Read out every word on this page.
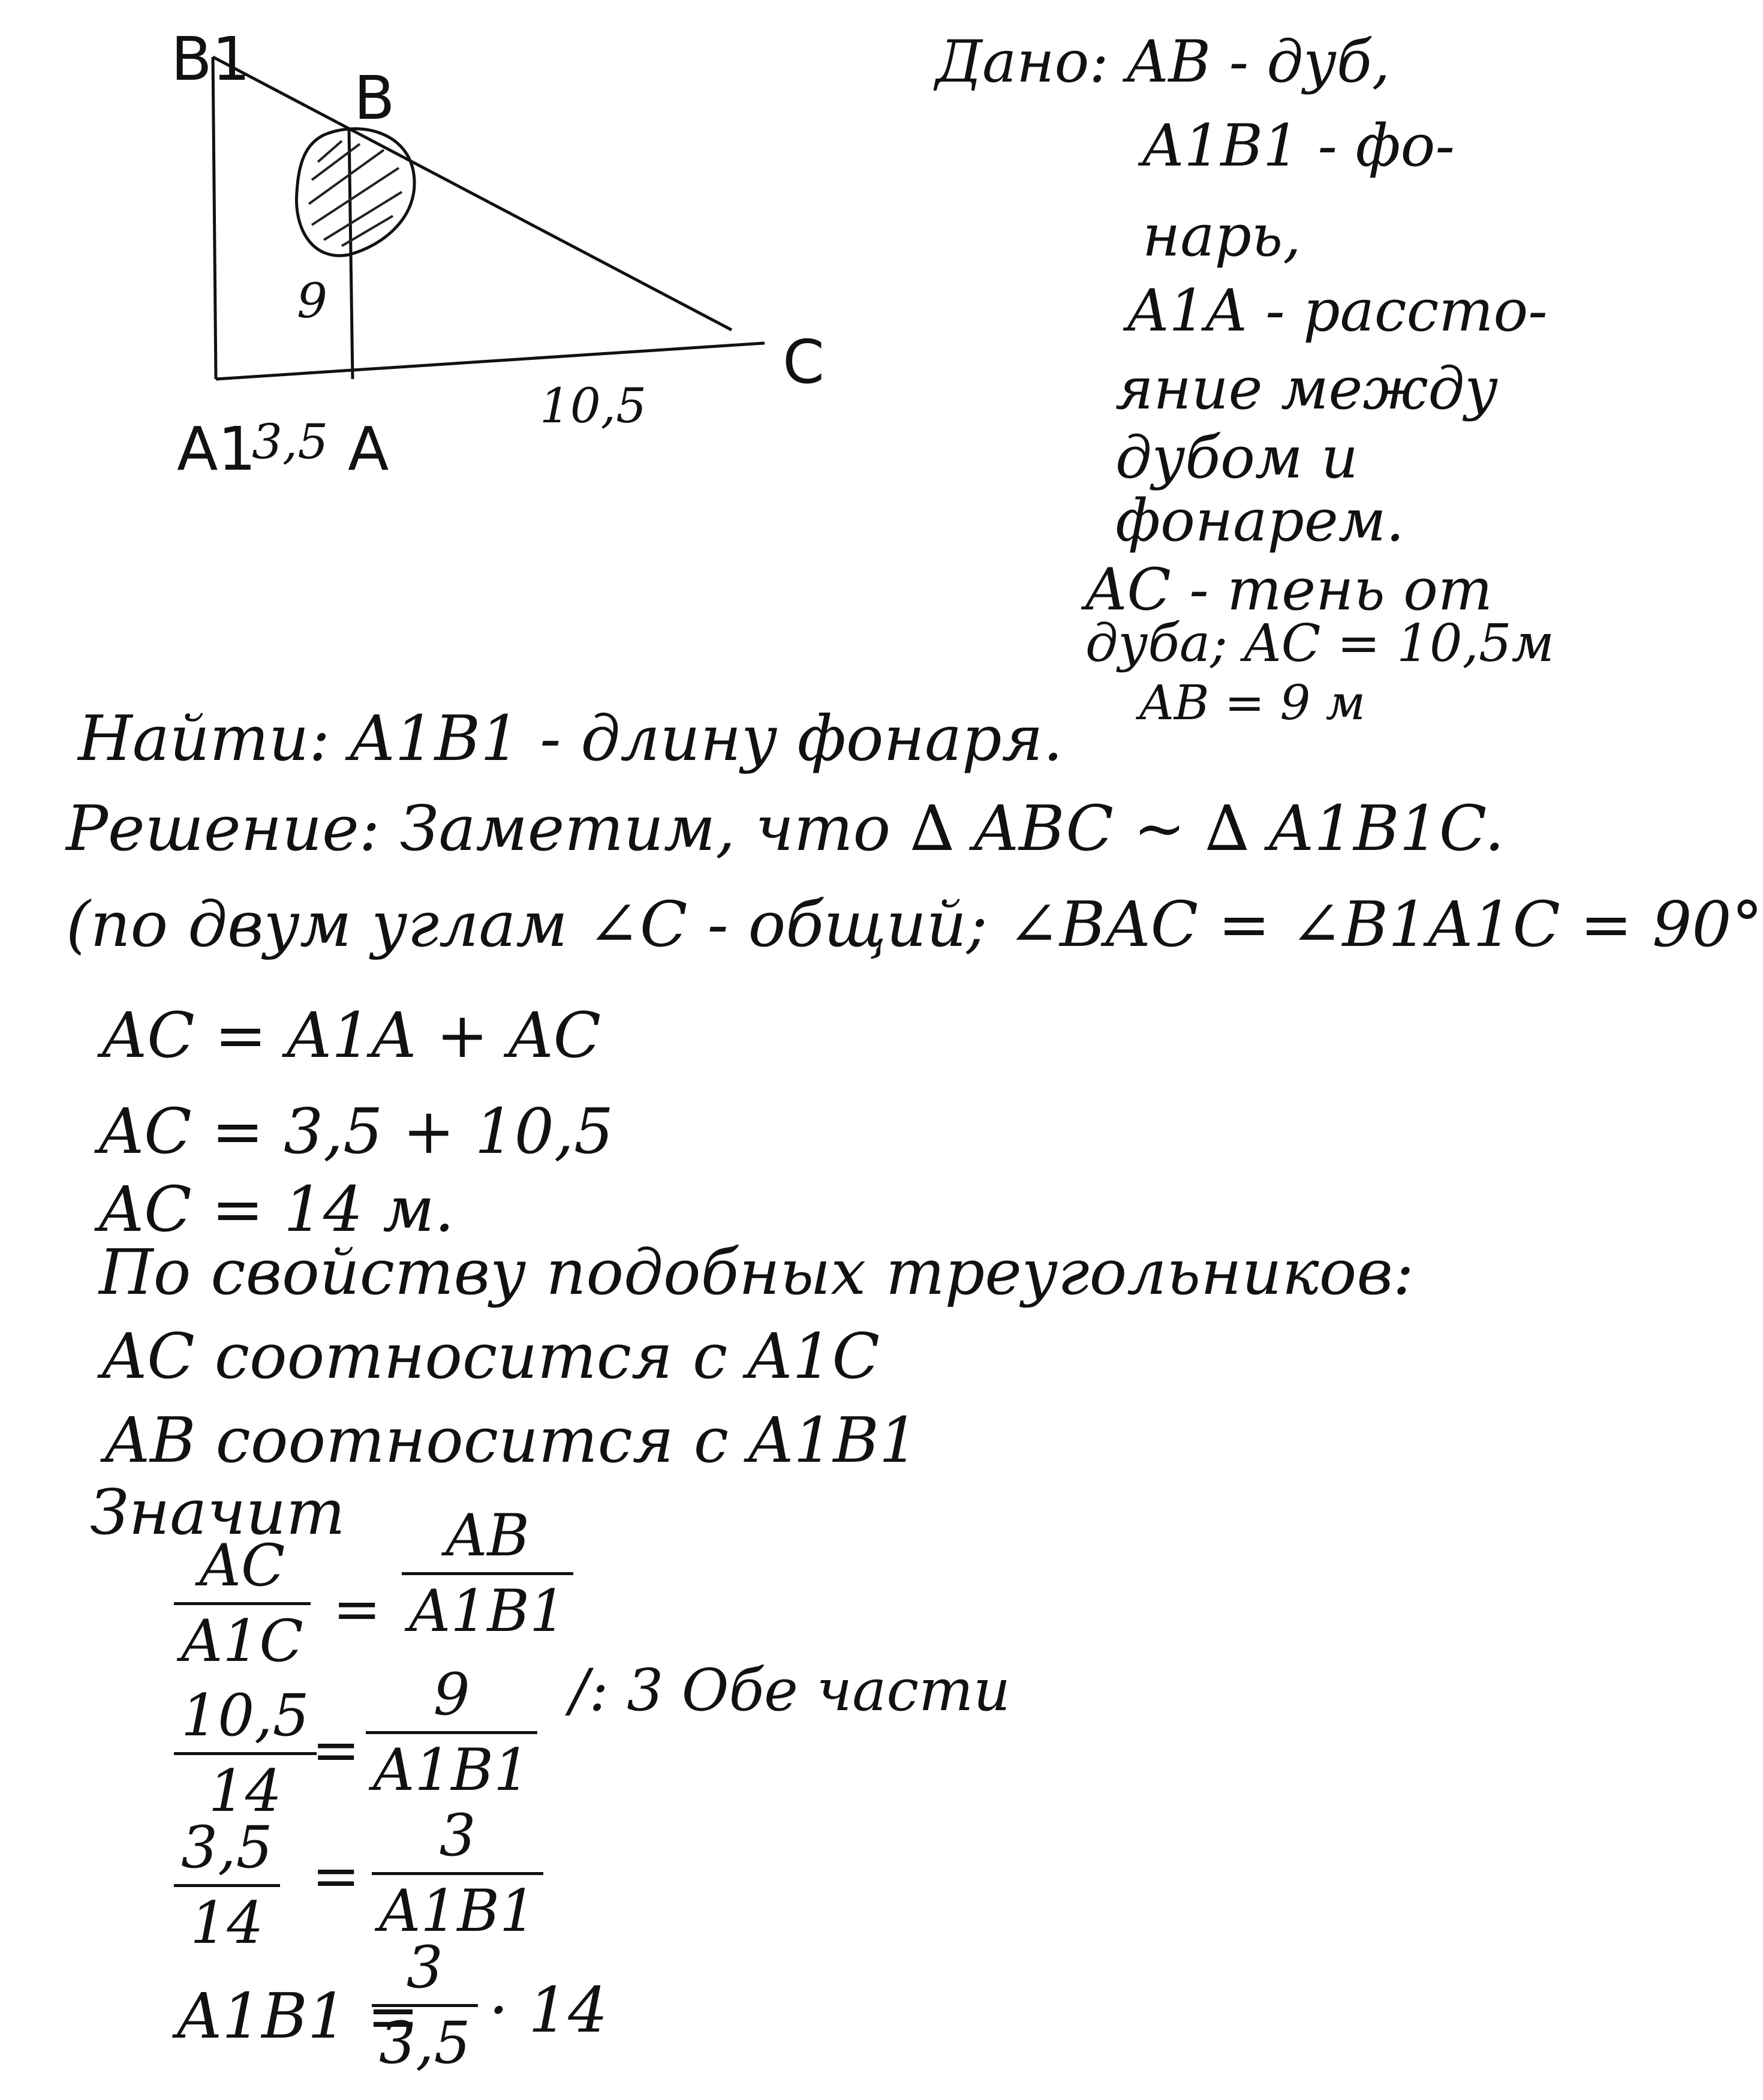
B1
B
C
A1 A
9
3,5
10,5
Дано: AB - дуб,
A1B1 - фо-
нарь,
A1A - рассто-
яние между
дубом и
фонарем.
AC - тень от
дуба; AC = 10,5м
AB = 9 м
Найти: A1B1 - длину фонаря.
Решение: Заметим, что ∆ ABC ~ ∆ A1B1C.
(по двум углам ∠C - общий; ∠BAC = ∠B1A1C = 90°
AC = A1A + AC
AC = 3,5 + 10,5
AC = 14 м.
По свойству подобных треугольников:
AC соотносится с A1C
AB соотносится с A1B1
Значит
AC
A1C =
AB
A1B1
10,5
14
=
9
A1B1
/: 3 Обе части
3,5
14
=
3
A1B1
A1B1 =
3
3,5 · 14
